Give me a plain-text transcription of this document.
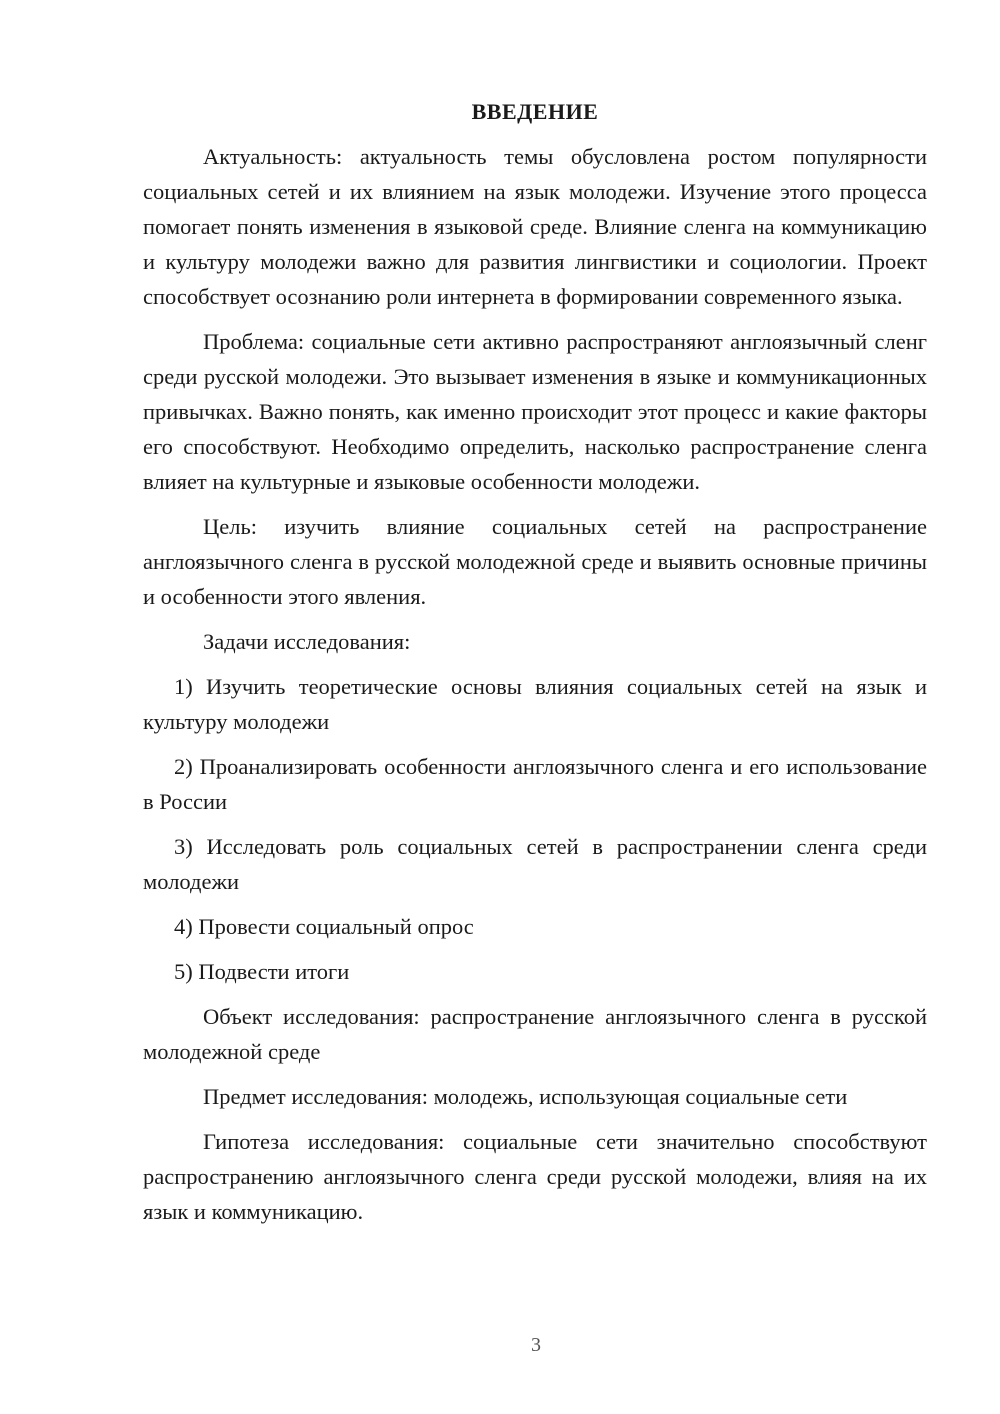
ВВЕДЕНИЕ

Актуальность: актуальность темы обусловлена ростом популярности социальных сетей и их влиянием на язык молодежи. Изучение этого процесса помогает понять изменения в языковой среде. Влияние сленга на коммуникацию и культуру молодежи важно для развития лингвистики и социологии. Проект способствует осознанию роли интернета в формировании современного языка.

Проблема: социальные сети активно распространяют англоязычный сленг среди русской молодежи. Это вызывает изменения в языке и коммуникационных привычках. Важно понять, как именно происходит этот процесс и какие факторы его способствуют. Необходимо определить, насколько распространение сленга влияет на культурные и языковые особенности молодежи.

Цель: изучить влияние социальных сетей на распространение англоязычного сленга в русской молодежной среде и выявить основные причины и особенности этого явления.

Задачи исследования:

1) Изучить теоретические основы влияния социальных сетей на язык и культуру молодежи

2) Проанализировать особенности англоязычного сленга и его использование в России

3) Исследовать роль социальных сетей в распространении сленга среди молодежи

4) Провести социальный опрос

5) Подвести итоги

Объект исследования: распространение англоязычного сленга в русской молодежной среде

Предмет исследования: молодежь, использующая социальные сети

Гипотеза исследования: социальные сети значительно способствуют распространению англоязычного сленга среди русской молодежи, влияя на их язык и коммуникацию.

3
